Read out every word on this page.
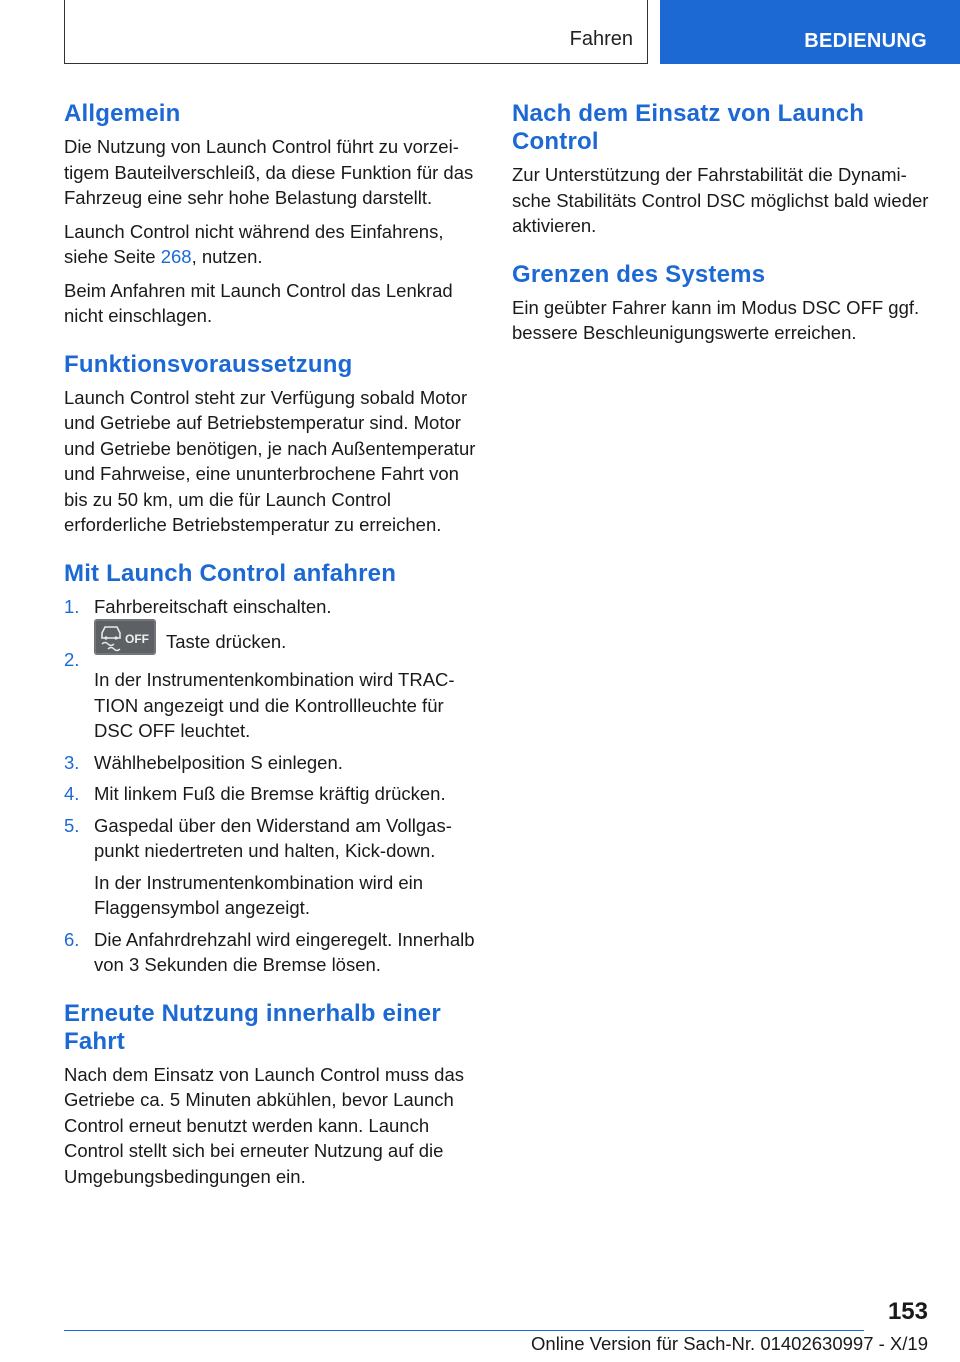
Fahren	BEDIENUNG
Allgemein

Die Nutzung von Launch Control führt zu vorzeitigem Bauteilverschleiß, da diese Funktion für das Fahrzeug eine sehr hohe Belastung darstellt.

Launch Control nicht während des Einfahrens, siehe Seite 268, nutzen.

Beim Anfahren mit Launch Control das Lenkrad nicht einschlagen.

Funktionsvoraussetzung

Launch Control steht zur Verfügung sobald Motor und Getriebe auf Betriebstemperatur sind. Motor und Getriebe benötigen, je nach Außentemperatur und Fahrweise, eine ununterbrochene Fahrt von bis zu 50 km, um die für Launch Control erforderliche Betriebstemperatur zu erreichen.

Mit Launch Control anfahren
1. Fahrbereitschaft einschalten.

2.

OFF Taste drücken.

In der Instrumentenkombination wird TRACTION angezeigt und die Kontrollleuchte für DSC OFF leuchtet.

3. Wählhebelposition S einlegen.

4. Mit linkem Fuß die Bremse kräftig drücken.

5. Gaspedal über den Widerstand am Vollgaspunkt niedertreten und halten, Kick-down.

In der Instrumentenkombination wird ein Flaggensymbol angezeigt.

6. Die Anfahrdrehzahl wird eingeregelt. Innerhalb von 3 Sekunden die Bremse lösen.

Erneute Nutzung innerhalb einer Fahrt

Nach dem Einsatz von Launch Control muss das Getriebe ca. 5 Minuten abkühlen, bevor Launch Control erneut benutzt werden kann. Launch Control stellt sich bei erneuter Nutzung auf die Umgebungsbedingungen ein.

Nach dem Einsatz von Launch Control

Zur Unterstützung der Fahrstabilität die Dynamische Stabilitäts Control DSC möglichst bald wieder aktivieren.

Grenzen des Systems

Ein geübter Fahrer kann im Modus DSC OFF ggf. bessere Beschleunigungswerte erreichen.

153
Online Version für Sach-Nr. 01402630997 - X/19
